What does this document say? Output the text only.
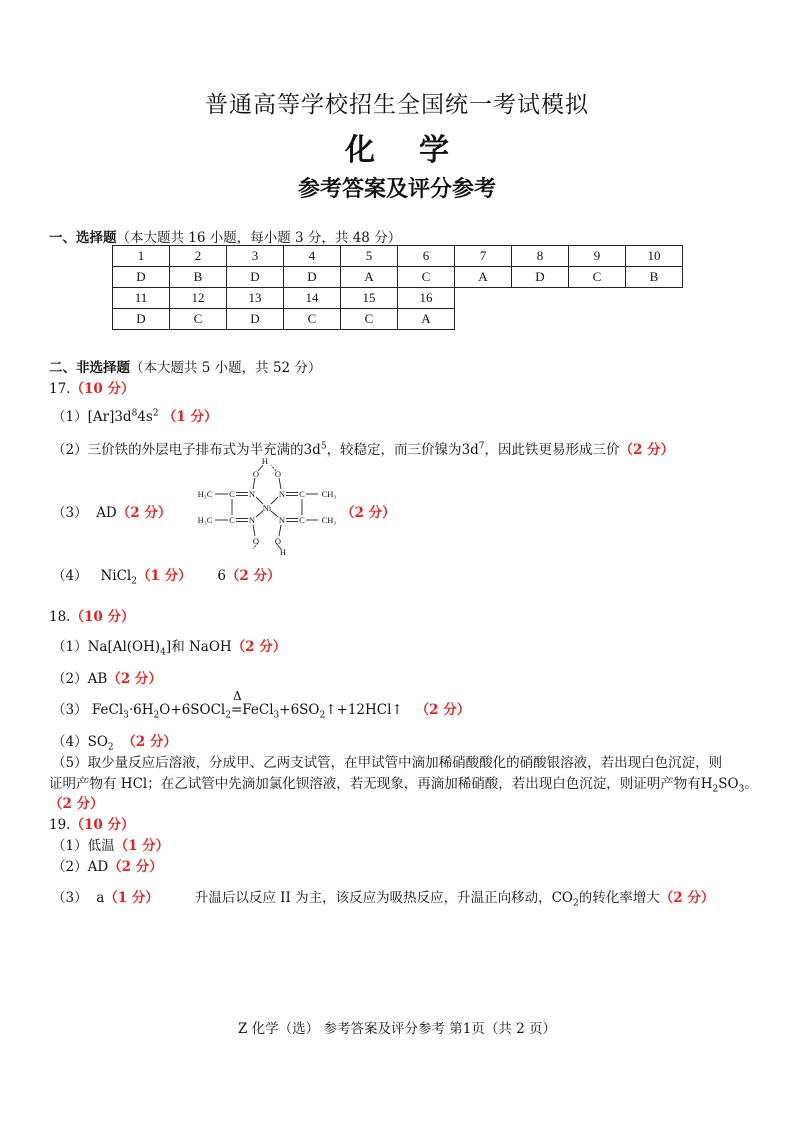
普通高等学校招生全国统一考试模拟
化学
参考答案及评分参考
一、选择题（本大题共 16 小题，每小题 3 分，共 48 分）
1	2	3	4	5	6	7	8	9	10
D	B	D	D	A	C	A	D	C	B
11	12	13	14	15	16				
D	C	D	C	C	A				
二、非选择题（本大题共 5 小题，共 52 分）
17.（10 分）
$(1)[Ar]3d^84s^2$ （1 分）
（2）三价铁的外层电子排布式为半充满的$3d^5$，较稳定，而三价镍为$3d^7$，因此铁更易形成三价（2 分）
（3） AD（2 分）
H₃C
H₃C
CH₃
CH₃
C
C
C
C
N
N
N
N
Ni
O O
O O
H
H
（2 分）
（4） NiCl$_2$（1 分） 6（2 分）
18.（10 分）
$(1)Na[Al(OH)_4]$和 NaOH（2 分）
（2）AB（2 分）
（3） $FeCl_3\cdot 6H_2O+6SOCl_2$
Δ
$=FeCl_3+6SO_2↑+12HCl↑$ （2 分）
$(4)SO_2$ （2 分）
（5）取少量反应后溶液，分成甲、乙两支试管，在甲试管中滴加稀硝酸酸化的硝酸银溶液，若出现白色沉淀，则
证明产物有 HCl；在乙试管中先滴加氯化钡溶液，若无现象，再滴加稀硝酸，若出现白色沉淀，则证明产物有$H_2SO_3$。
（2 分）
19.（10 分）
（1）低温（1 分）
（2）AD（2 分）
（3） a（1 分）	升温后以反应 II 为主，该反应为吸热反应，升温正向移动，$CO_2$的转化率增大（2 分）
Z 化学（选） 参考答案及评分参考 第1页（共 2 页）
